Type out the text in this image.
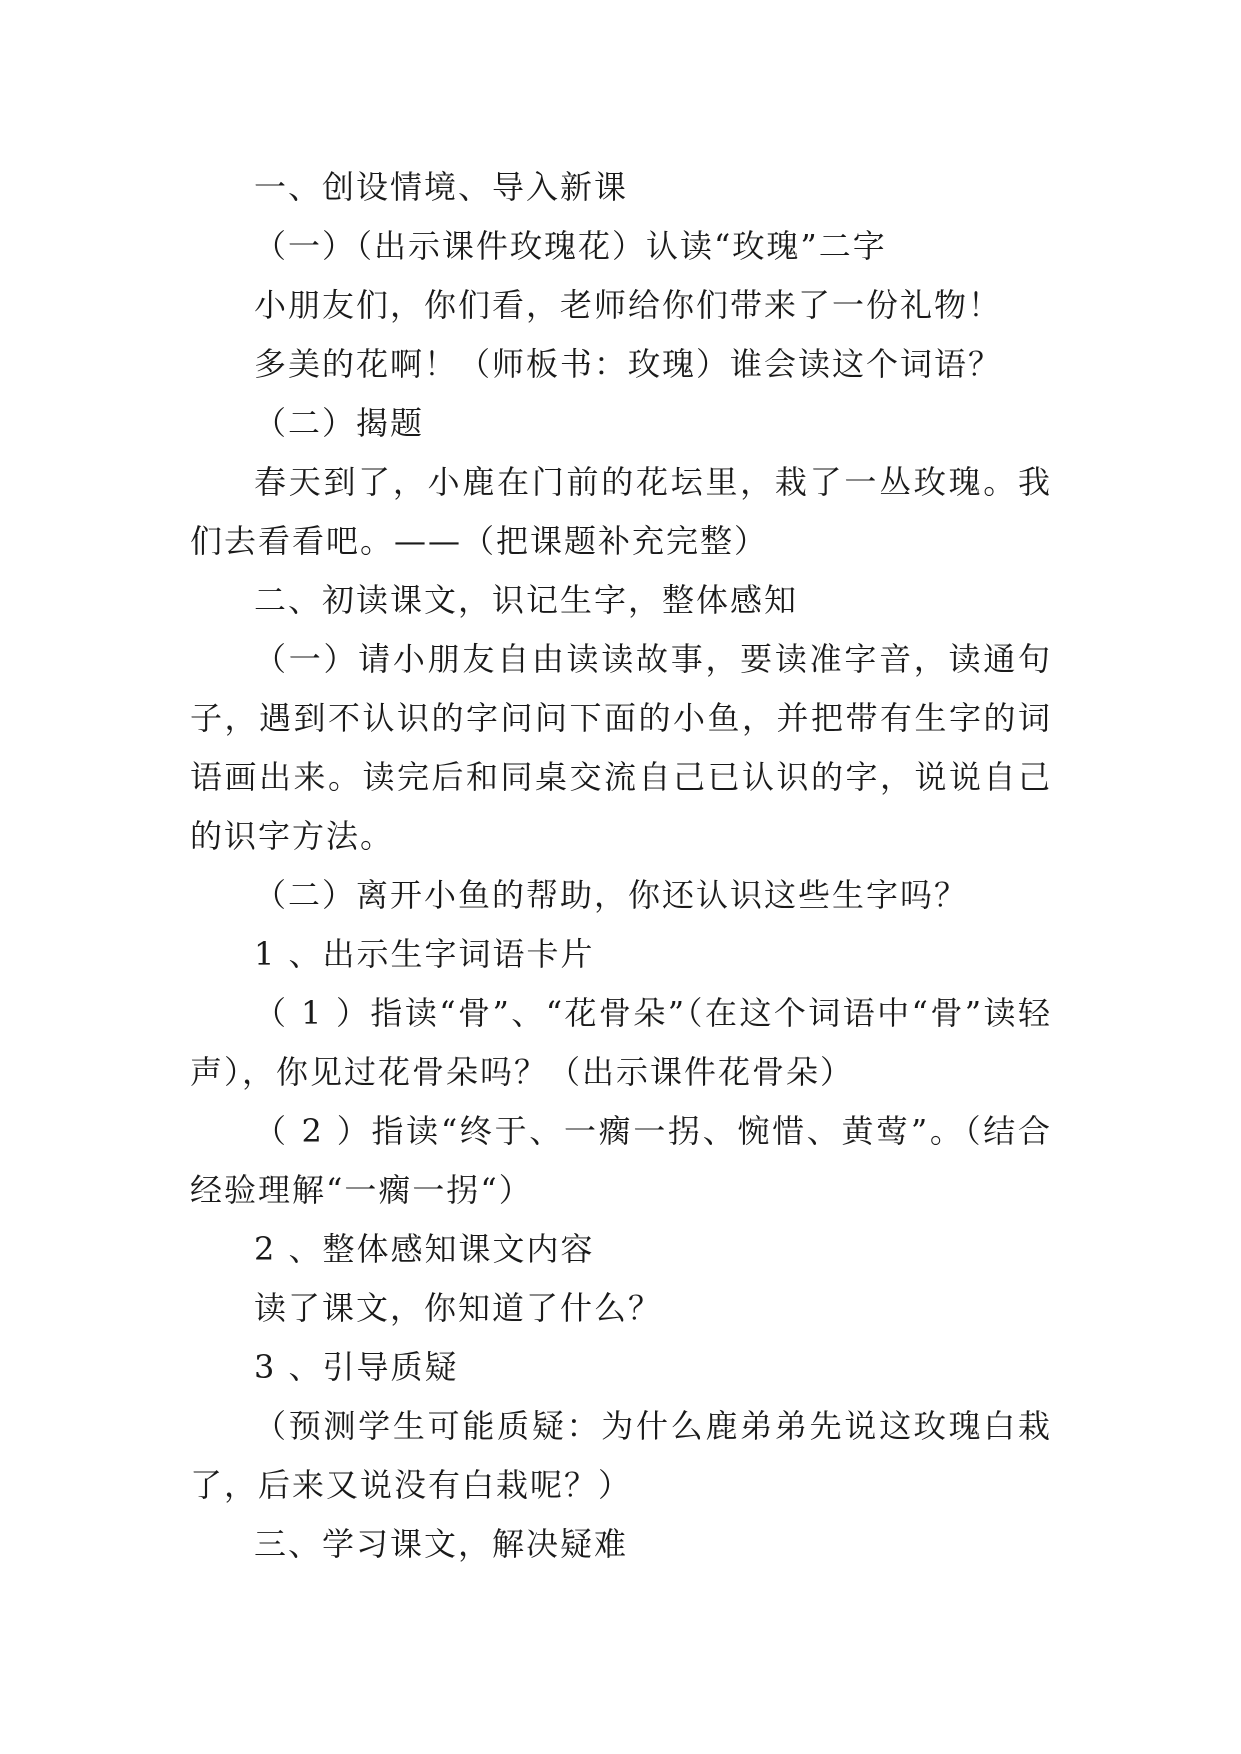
一、创设情境、导入新课

（一）（出示课件玫瑰花）认读“玫瑰”二字

小朋友们，你们看，老师给你们带来了一份礼物！

多美的花啊！（师板书：玫瑰）谁会读这个词语？

（二）揭题

春天到了，小鹿在门前的花坛里，栽了一丛玫瑰。我们去看看吧。——（把课题补充完整）

二、初读课文，识记生字，整体感知

（一）请小朋友自由读读故事，要读准字音，读通句子，遇到不认识的字问问下面的小鱼，并把带有生字的词语画出来。读完后和同桌交流自己已认识的字，说说自己的识字方法。

（二）离开小鱼的帮助，你还认识这些生字吗？

1 、出示生字词语卡片

（ 1 ）指读“骨”、“花骨朵”（在这个词语中“骨”读轻声），你见过花骨朵吗？（出示课件花骨朵）

（ 2 ）指读“终于、一瘸一拐、惋惜、黄莺”。（结合经验理解“一瘸一拐“）

2 、整体感知课文内容

读了课文，你知道了什么？

3 、引导质疑

（预测学生可能质疑：为什么鹿弟弟先说这玫瑰白栽了，后来又说没有白栽呢？）

三、学习课文，解决疑难
